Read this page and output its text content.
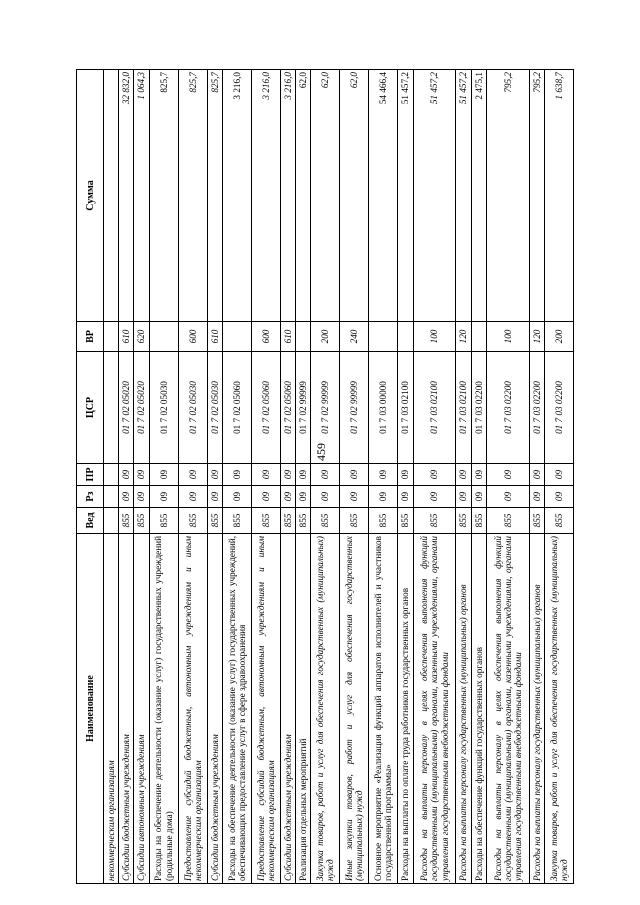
459
Наименование	Вед	Рз	ПР	ЦСР	ВР	Сумма
некоммерческим организациям						
Субсидии бюджетным учреждениям	855	09	09	01 7 02 05020	610	32 832,0
Субсидии автономным учреждениям	855	09	09	01 7 02 05020	620	1 064,3
Расходы на обеспечение деятельности (оказание услуг) государственных учреждений (родильные дома)	855	09	09	01 7 02 05030		825,7
Предоставление субсидий бюджетным, автономным учреждениям и иным некоммерческим организациям	855	09	09	01 7 02 05030	600	825,7
Субсидии бюджетным учреждениям	855	09	09	01 7 02 05030	610	825,7
Расходы на обеспечение деятельности (оказание услуг) государственных учреждений, обеспечивающих предоставление услуг в сфере здравоохранения	855	09	09	01 7 02 05060		3 216,0
Предоставление субсидий бюджетным, автономным учреждениям и иным некоммерческим организациям	855	09	09	01 7 02 05060	600	3 216,0
Субсидии бюджетным учреждениям	855	09	09	01 7 02 05060	610	3 216,0
Реализация отдельных мероприятий	855	09	09	01 7 02 99999		62,0
Закупка товаров, работ и услуг для обеспечения государственных (муниципальных) нужд	855	09	09	01 7 02 99999	200	62,0
Иные закупки товаров, работ и услуг для обеспечения государственных (муниципальных) нужд	855	09	09	01 7 02 99999	240	62,0
Основное мероприятие «Реализация функций аппаратов исполнителей и участников государственной программы»	855	09	09	01 7 03 00000		54 466,4
Расходы на выплаты по оплате труда работников государственных органов	855	09	09	01 7 03 02100		51 457,2
Расходы на выплаты персоналу в целях обеспечения выполнения функций государственными (муниципальными) органами, казенными учреждениями, органами управления государственными внебюджетными фондами	855	09	09	01 7 03 02100	100	51 457,2
Расходы на выплаты персоналу государственных (муниципальных) органов	855	09	09	01 7 03 02100	120	51 457,2
Расходы на обеспечение функций государственных органов	855	09	09	01 7 03 02200		2 475,1
Расходы на выплаты персоналу в целях обеспечения выполнения функций государственными (муниципальными) органами, казенными учреждениями, органами управления государственными внебюджетными фондами	855	09	09	01 7 03 02200	100	795,2
Расходы на выплаты персоналу государственных (муниципальных) органов	855	09	09	01 7 03 02200	120	795,2
Закупка товаров, работ и услуг для обеспечения государственных (муниципальных) нужд	855	09	09	01 7 03 02200	200	1 638,7
